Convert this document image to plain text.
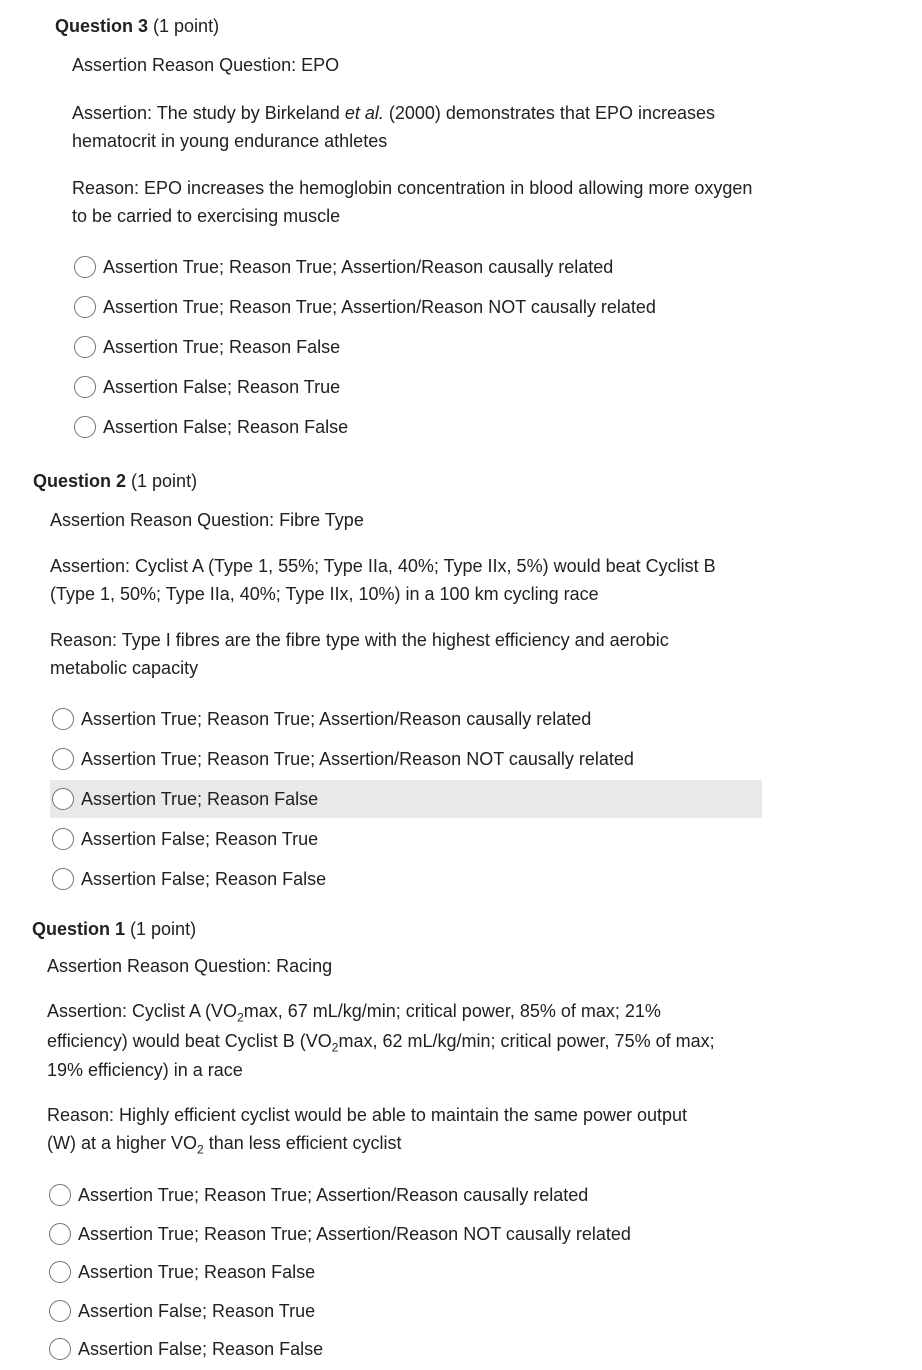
Question 3 (1 point)

Assertion Reason Question: EPO

Assertion: The study by Birkeland et al. (2000) demonstrates that EPO increases
hematocrit in young endurance athletes
Reason: EPO increases the hemoglobin concentration in blood allowing more oxygen
to be carried to exercising muscle
Assertion True; Reason True; Assertion/Reason causally related
Assertion True; Reason True; Assertion/Reason NOT causally related
Assertion True; Reason False
Assertion False; Reason True
Assertion False; Reason False
Question 2 (1 point)

Assertion Reason Question: Fibre Type

Assertion: Cyclist A (Type 1, 55%; Type IIa, 40%; Type IIx, 5%) would beat Cyclist B
(Type 1, 50%; Type IIa, 40%; Type IIx, 10%) in a 100 km cycling race
Reason: Type I fibres are the fibre type with the highest efficiency and aerobic
metabolic capacity
Assertion True; Reason True; Assertion/Reason causally related
Assertion True; Reason True; Assertion/Reason NOT causally related
Assertion True; Reason False
Assertion False; Reason True
Assertion False; Reason False
Question 1 (1 point)

Assertion Reason Question: Racing

Assertion: Cyclist A ($VO_2\max$, 67 mL/kg/min; critical power, 85% of max; 21%
efficiency) would beat Cyclist B ($VO_2\max$, 62 mL/kg/min; critical power, 75% of max;
19% efficiency) in a race
Reason: Highly efficient cyclist would be able to maintain the same power output
(W) at a higher $VO_2$ than less efficient cyclist
Assertion True; Reason True; Assertion/Reason causally related
Assertion True; Reason True; Assertion/Reason NOT causally related
Assertion True; Reason False
Assertion False; Reason True
Assertion False; Reason False
